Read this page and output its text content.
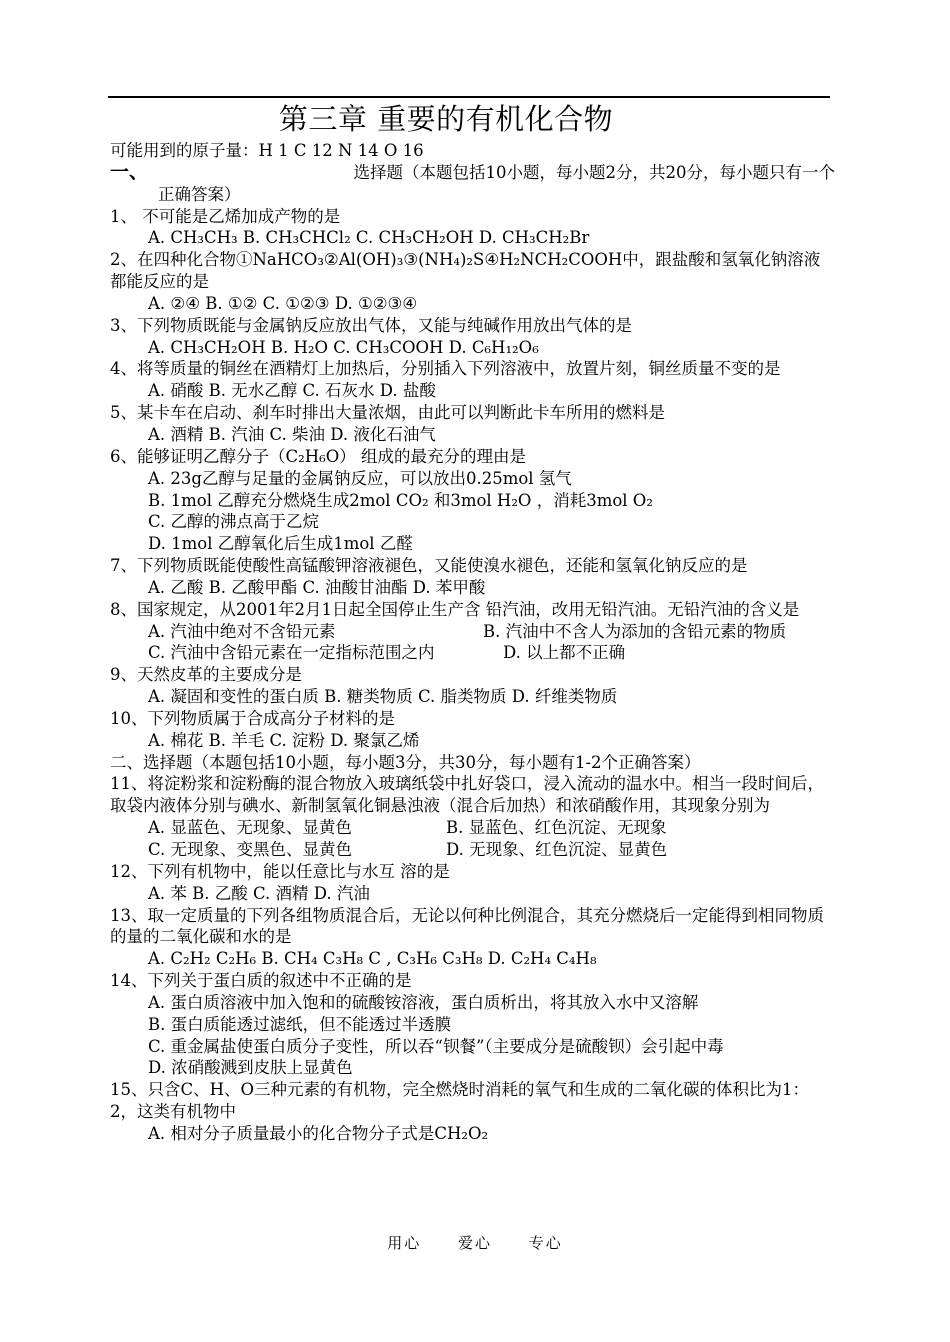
第三章 重要的有机化合物
可能用到的原子量：H 1 C 12 N 14 O 16
一、	选择题（本题包括10小题，每小题2分，共20分，每小题只有一个
正确答案）
1、 不可能是乙烯加成产物的是
A. CH₃CH₃ B. CH₃CHCl₂ C. CH₃CH₂OH D. CH₃CH₂Br
2、在四种化合物①NaHCO₃②Al(OH)₃③(NH₄)₂S④H₂NCH₂COOH中，跟盐酸和氢氧化钠溶液都能反应的是
A. ②④ B. ①② C. ①②③ D. ①②③④
3、下列物质既能与金属钠反应放出气体，又能与纯碱作用放出气体的是
A. CH₃CH₂OH B. H₂O C. CH₃COOH D. C₆H₁₂O₆
4、将等质量的铜丝在酒精灯上加热后，分别插入下列溶液中，放置片刻，铜丝质量不变的是
A. 硝酸 B. 无水乙醇 C. 石灰水 D. 盐酸
5、某卡车在启动、刹车时排出大量浓烟，由此可以判断此卡车所用的燃料是
A. 酒精 B. 汽油 C. 柴油 D. 液化石油气
6、能够证明乙醇分子（C₂H₆O） 组成的最充分的理由是
A. 23g乙醇与足量的金属钠反应，可以放出0.25mol 氢气
B. 1mol 乙醇充分燃烧生成2mol CO₂ 和3mol H₂O ，消耗3mol O₂
C. 乙醇的沸点高于乙烷
D. 1mol 乙醇氧化后生成1mol 乙醛
7、下列物质既能使酸性高锰酸钾溶液褪色，又能使溴水褪色，还能和氢氧化钠反应的是
A. 乙酸 B. 乙酸甲酯 C. 油酸甘油酯 D. 苯甲酸
8、国家规定，从2001年2月1日起全国停止生产含 铅汽油，改用无铅汽油。无铅汽油的含义是
A. 汽油中绝对不含铅元素	B. 汽油中不含人为添加的含铅元素的物质
C. 汽油中含铅元素在一定指标范围之内	D. 以上都不正确
9、天然皮革的主要成分是
A. 凝固和变性的蛋白质 B. 糖类物质 C. 脂类物质 D. 纤维类物质
10、下列物质属于合成高分子材料的是
A. 棉花 B. 羊毛 C. 淀粉 D. 聚氯乙烯
二、选择题（本题包括10小题，每小题3分，共30分，每小题有1-2个正确答案）
11、将淀粉浆和淀粉酶的混合物放入玻璃纸袋中扎好袋口，浸入流动的温水中。相当一段时间后，取袋内液体分别与碘水、新制氢氧化铜悬浊液（混合后加热）和浓硝酸作用，其现象分别为
A. 显蓝色、无现象、显黄色	B. 显蓝色、红色沉淀、无现象
C. 无现象、变黑色、显黄色	D. 无现象、红色沉淀、显黄色
12、下列有机物中，能以任意比与水互 溶的是
A. 苯 B. 乙酸 C. 酒精 D. 汽油
13、取一定质量的下列各组物质混合后，无论以何种比例混合，其充分燃烧后一定能得到相同物质的量的二氧化碳和水的是
A. C₂H₂ C₂H₆ B. CH₄ C₃H₈ C , C₃H₆ C₃H₈ D. C₂H₄ C₄H₈
14、下列关于蛋白质的叙述中不正确的是
A. 蛋白质溶液中加入饱和的硫酸铵溶液，蛋白质析出，将其放入水中又溶解
B. 蛋白质能透过滤纸，但不能透过半透膜
C. 重金属盐使蛋白质分子变性，所以吞“钡餐”（主要成分是硫酸钡）会引起中毒
D. 浓硝酸溅到皮肤上显黄色
15、只含C、H、O三种元素的有机物，完全燃烧时消耗的氧气和生成的二氧化碳的体积比为1：2，这类有机物中
A. 相对分子质量最小的化合物分子式是CH₂O₂
用心 爱心 专心
